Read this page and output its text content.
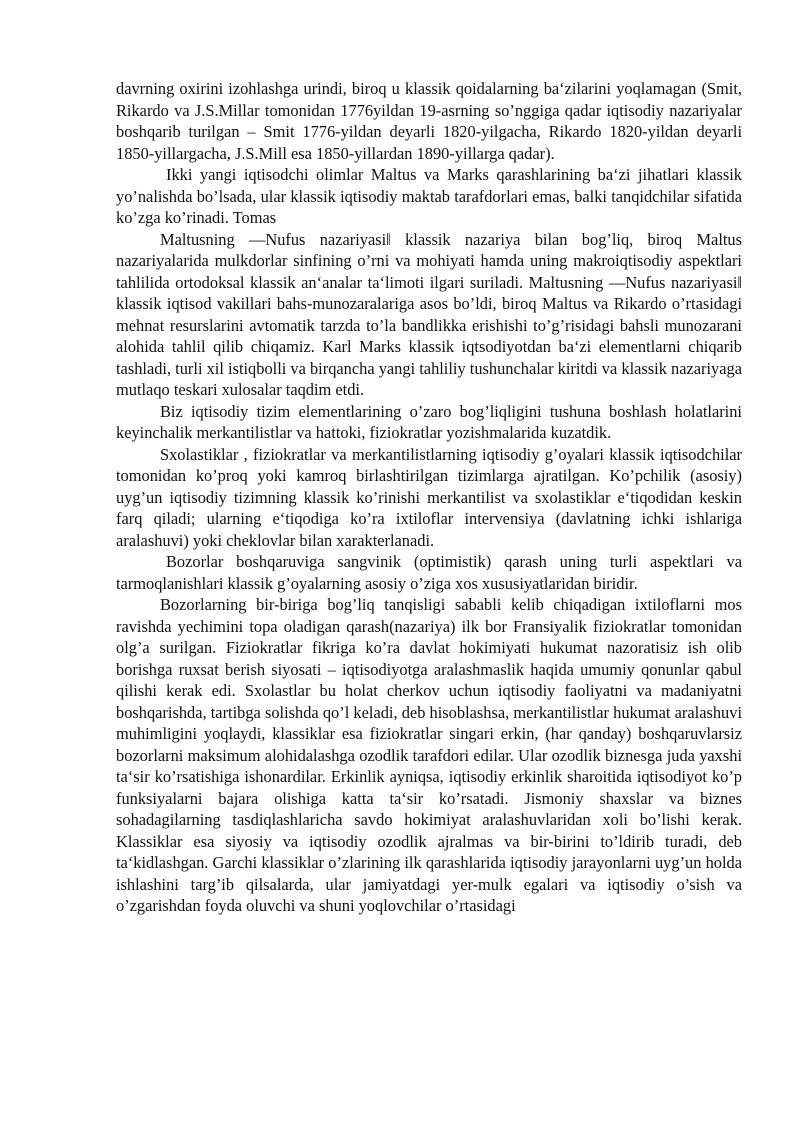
davrning oxirini izohlashga urindi, biroq u klassik qoidalarning ba‘zilarini yoqlamagan (Smit, Rikardo va J.S.Millar tomonidan 1776yildan 19-asrning so’nggiga qadar iqtisodiy nazariyalar boshqarib turilgan – Smit 1776-yildan deyarli 1820-yilgacha, Rikardo 1820-yildan deyarli 1850-yillargacha, J.S.Mill esa 1850-yillardan 1890-yillarga qadar).

Ikki yangi iqtisodchi olimlar Maltus va Marks qarashlarining ba‘zi jihatlari klassik yo’nalishda bo’lsada, ular klassik iqtisodiy maktab tarafdorlari emas, balki tanqidchilar sifatida ko’zga ko’rinadi. Tomas

Maltusning ―Nufus nazariyasi‖ klassik nazariya bilan bog’liq, biroq Maltus nazariyalarida mulkdorlar sinfining o’rni va mohiyati hamda uning makroiqtisodiy aspektlari tahlilida ortodoksal klassik an‘analar ta‘limoti ilgari suriladi. Maltusning ―Nufus nazariyasi‖ klassik iqtisod vakillari bahs-munozaralariga asos bo’ldi, biroq Maltus va Rikardo o’rtasidagi mehnat resurslarini avtomatik tarzda to’la bandlikka erishishi to’g’risidagi bahsli munozarani alohida tahlil qilib chiqamiz. Karl Marks klassik iqtsodiyotdan ba‘zi elementlarni chiqarib tashladi, turli xil istiqbolli va birqancha yangi tahliliy tushunchalar kiritdi va klassik nazariyaga mutlaqo teskari xulosalar taqdim etdi.

Biz iqtisodiy tizim elementlarining o’zaro bog’liqligini tushuna boshlash holatlarini keyinchalik merkantilistlar va hattoki, fiziokratlar yozishmalarida kuzatdik.

Sxolastiklar , fiziokratlar va merkantilistlarning iqtisodiy g’oyalari klassik iqtisodchilar tomonidan ko’proq yoki kamroq birlashtirilgan tizimlarga ajratilgan. Ko’pchilik (asosiy) uyg’un iqtisodiy tizimning klassik ko’rinishi merkantilist va sxolastiklar e‘tiqodidan keskin farq qiladi; ularning e‘tiqodiga ko’ra ixtiloflar intervensiya (davlatning ichki ishlariga aralashuvi) yoki cheklovlar bilan xarakterlanadi.

Bozorlar boshqaruviga sangvinik (optimistik) qarash uning turli aspektlari va tarmoqlanishlari klassik g’oyalarning asosiy o’ziga xos xususiyatlaridan biridir.

Bozorlarning bir-biriga bog’liq tanqisligi sababli kelib chiqadigan ixtiloflarni mos ravishda yechimini topa oladigan qarash(nazariya) ilk bor Fransiyalik fiziokratlar tomonidan olg’a surilgan. Fiziokratlar fikriga ko’ra davlat hokimiyati hukumat nazoratisiz ish olib borishga ruxsat berish siyosati – iqtisodiyotga aralashmaslik haqida umumiy qonunlar qabul qilishi kerak edi. Sxolastlar bu holat cherkov uchun iqtisodiy faoliyatni va madaniyatni boshqarishda, tartibga solishda qo’l keladi, deb hisoblashsa, merkantilistlar hukumat aralashuvi muhimligini yoqlaydi, klassiklar esa fiziokratlar singari erkin, (har qanday) boshqaruvlarsiz bozorlarni maksimum alohidalashga ozodlik tarafdori edilar. Ular ozodlik biznesga juda yaxshi ta‘sir ko’rsatishiga ishonardilar. Erkinlik ayniqsa, iqtisodiy erkinlik sharoitida iqtisodiyot ko’p funksiyalarni bajara olishiga katta ta‘sir ko’rsatadi. Jismoniy shaxslar va biznes sohadagilarning tasdiqlashlaricha savdo hokimiyat aralashuvlaridan xoli bo’lishi kerak. Klassiklar esa siyosiy va iqtisodiy ozodlik ajralmas va bir-birini to’ldirib turadi, deb ta‘kidlashgan. Garchi klassiklar o’zlarining ilk qarashlarida iqtisodiy jarayonlarni uyg’un holda ishlashini targ’ib qilsalarda, ular jamiyatdagi yer-mulk egalari va iqtisodiy o’sish va o’zgarishdan foyda oluvchi va shuni yoqlovchilar o’rtasidagi
